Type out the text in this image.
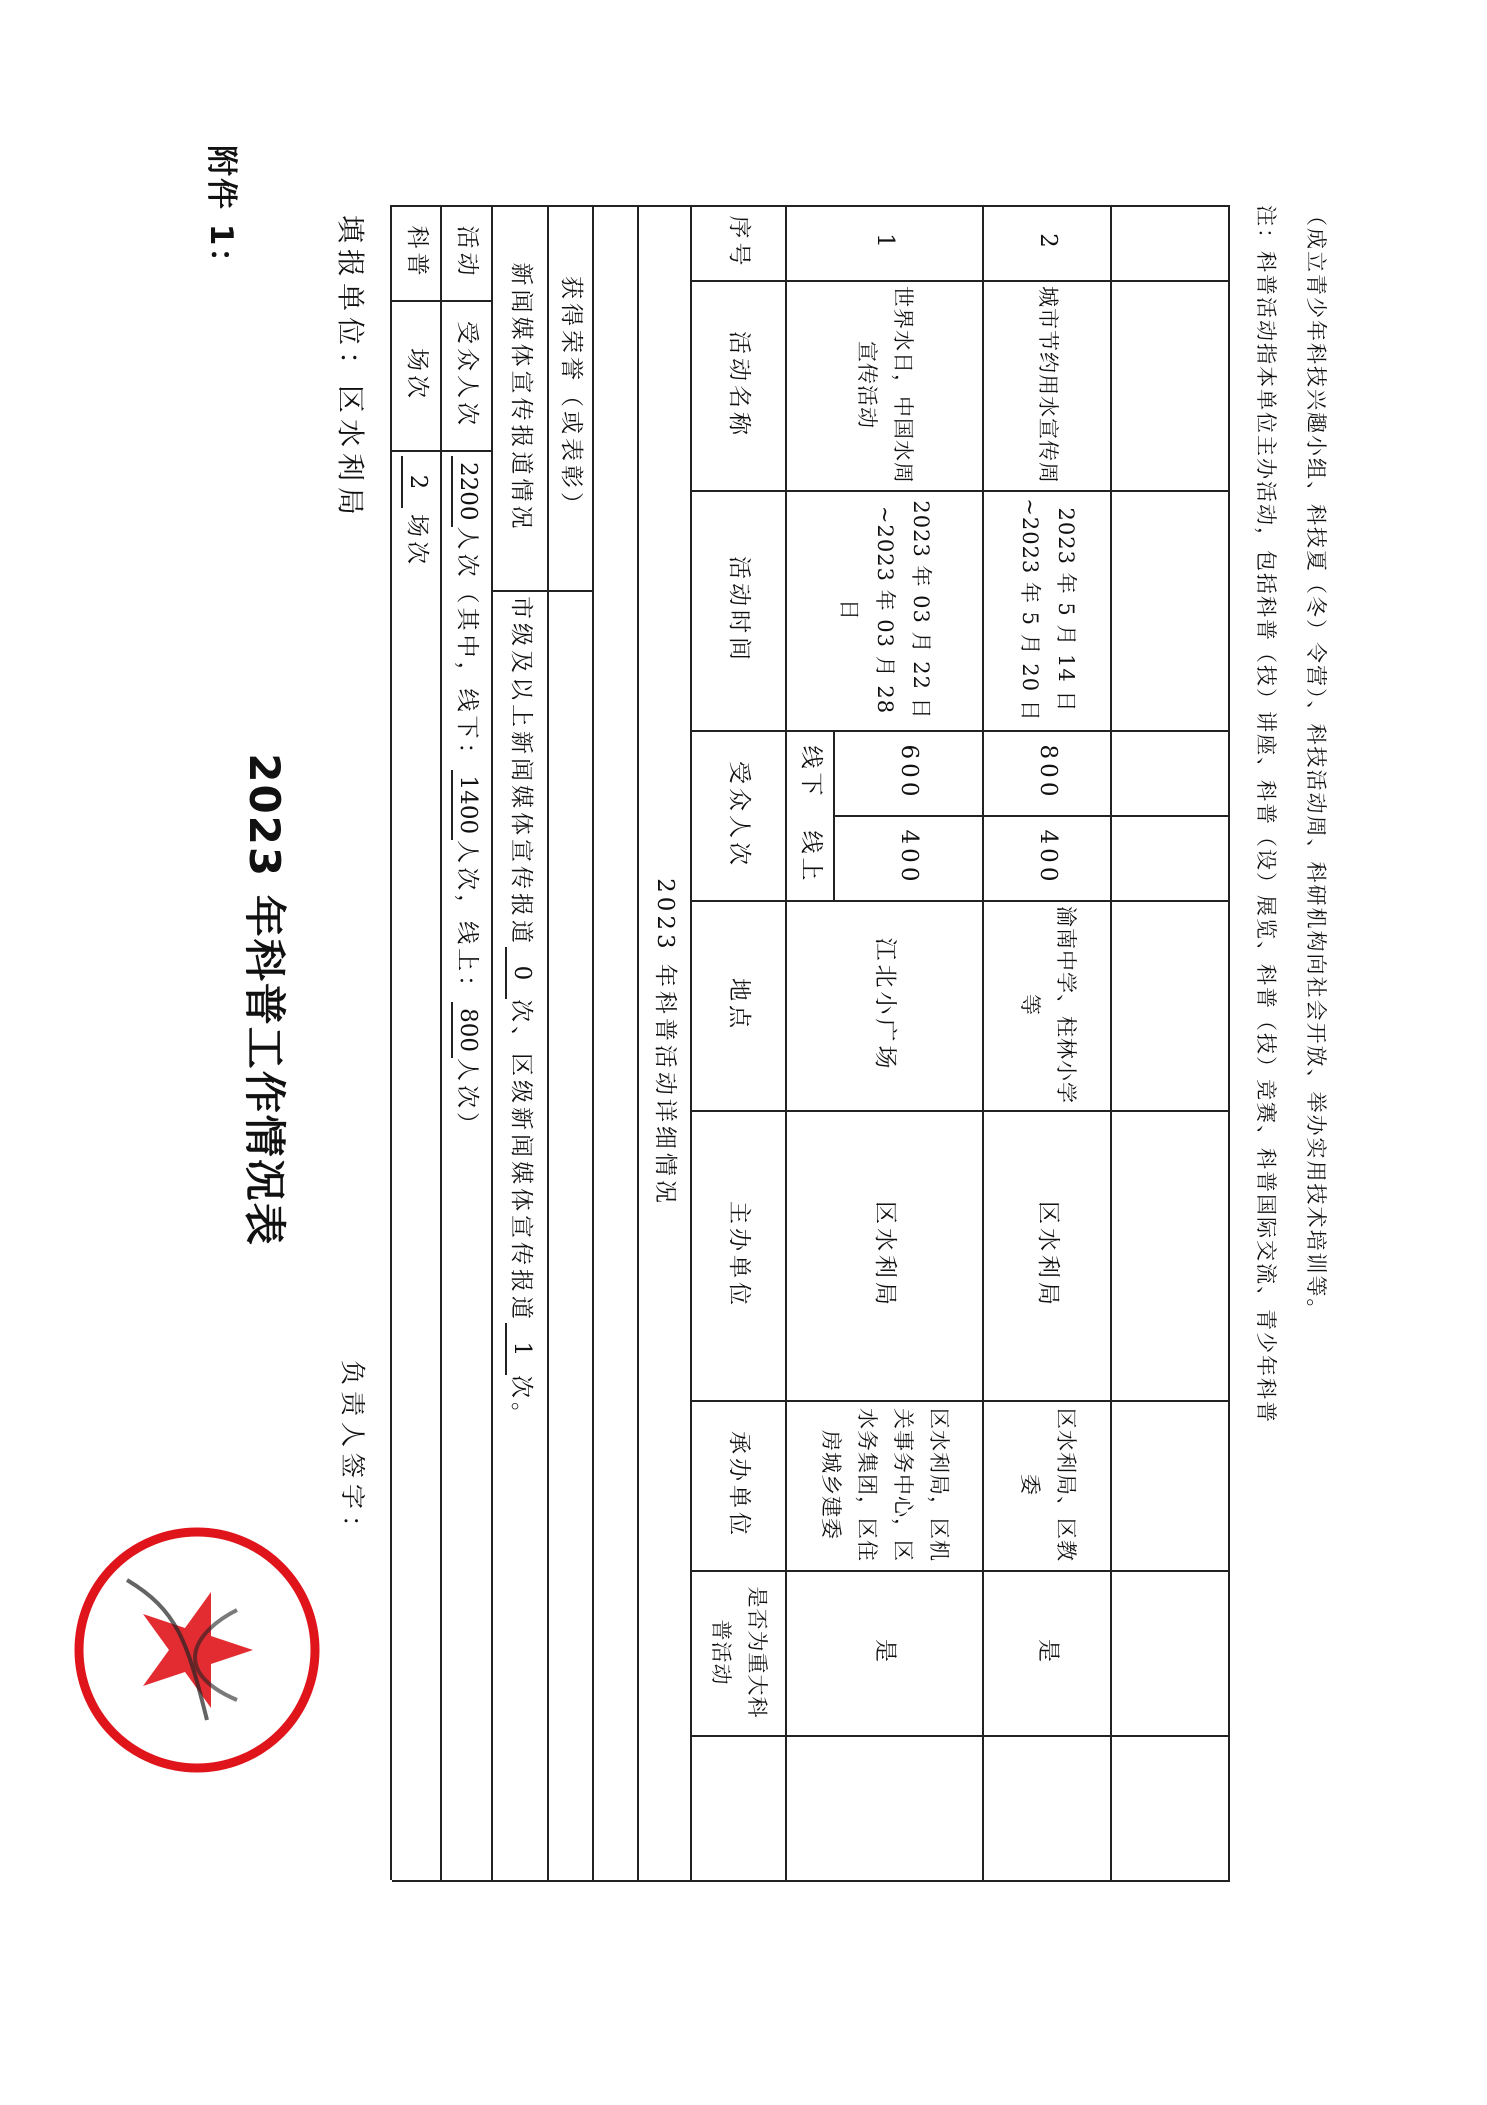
附件 1：
2023 年科普工作情况表
填报单位：区水利局
负责人签字：
科普	活动
场次
2
场次
受众人次
2200
人次（其中，线下：
1400
人次，线上：
800
人次）
新闻媒体宣传报道情况
市级及以上新闻媒体宣传报道
0
次、区级新闻媒体宣传报道
1
次。
获得荣誉（或表彰）
2023 年科普活动详细情况
序号
活动名称
活动时间
线下
线上
受众人次
地点
主办单位
承办单位
是否为重大科普活动
1
世界水日，中国水周宣传活动
2023 年 03 月 22 日
~2023 年 03 月 28 日
600
400
江北小广场
区水利局
区水利局，区机关事务中心，区水务集团，区住房城乡建委
是
2
城市节约用水宣传周
2023 年 5 月 14 日
~2023 年 5 月 20 日
800
400
渝南中学、柱林小学等
区水利局
区水利局、区教委
是
注：科普活动指本单位主办活动，包括科普（技）讲座、科普（设）展览、科普（技）竞赛、科普国际交流、青少年科普	（成立青少年科技兴趣小组、科技夏（冬）令营）、科技活动周、科研机构向社会开放、举办实用技术培训等。
